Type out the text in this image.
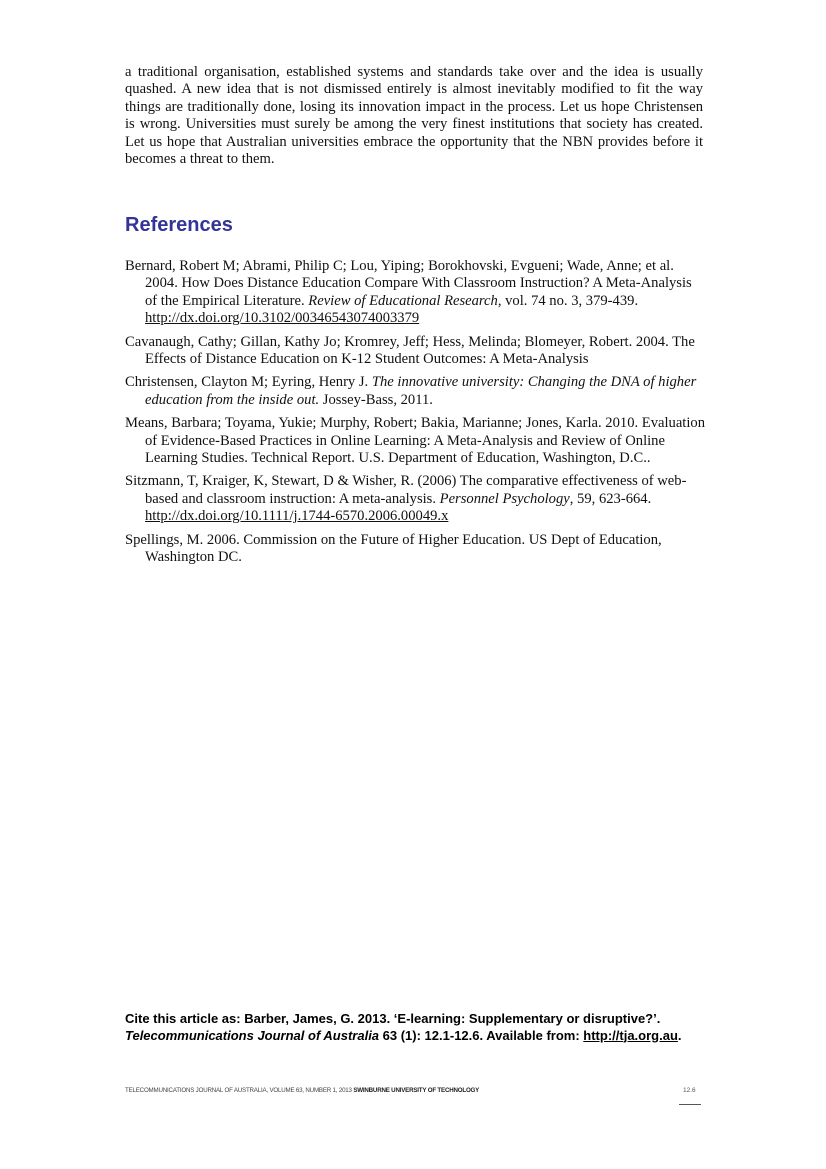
a traditional organisation, established systems and standards take over and the idea is usually quashed. A new idea that is not dismissed entirely is almost inevitably modified to fit the way things are traditionally done, losing its innovation impact in the process. Let us hope Christensen is wrong. Universities must surely be among the very finest institutions that society has created. Let us hope that Australian universities embrace the opportunity that the NBN provides before it becomes a threat to them.

References
Bernard, Robert M; Abrami, Philip C; Lou, Yiping; Borokhovski, Evgueni; Wade, Anne; et al. 2004. How Does Distance Education Compare With Classroom Instruction? A Meta-Analysis of the Empirical Literature. Review of Educational Research, vol. 74 no. 3, 379-439. http://dx.doi.org/10.3102/00346543074003379
Cavanaugh, Cathy; Gillan, Kathy Jo; Kromrey, Jeff; Hess, Melinda; Blomeyer, Robert. 2004. The Effects of Distance Education on K-12 Student Outcomes: A Meta-Analysis
Christensen, Clayton M; Eyring, Henry J. The innovative university: Changing the DNA of higher education from the inside out. Jossey-Bass, 2011.
Means, Barbara; Toyama, Yukie; Murphy, Robert; Bakia, Marianne; Jones, Karla. 2010. Evaluation of Evidence-Based Practices in Online Learning: A Meta-Analysis and Review of Online Learning Studies. Technical Report. U.S. Department of Education, Washington, D.C..
Sitzmann, T, Kraiger, K, Stewart, D & Wisher, R. (2006) The comparative effectiveness of web-based and classroom instruction: A meta-analysis. Personnel Psychology, 59, 623-664. http://dx.doi.org/10.1111/j.1744-6570.2006.00049.x
Spellings, M. 2006. Commission on the Future of Higher Education. US Dept of Education, Washington DC.

Cite this article as: Barber, James, G. 2013. ‘E-learning: Supplementary or disruptive?’. Telecommunications Journal of Australia 63 (1): 12.1-12.6. Available from: http://tja.org.au.

TELECOMMUNICATIONS JOURNAL OF AUSTRALIA, VOLUME 63, NUMBER 1, 2013 SWINBURNE UNIVERSITY OF TECHNOLOGY	12.6
